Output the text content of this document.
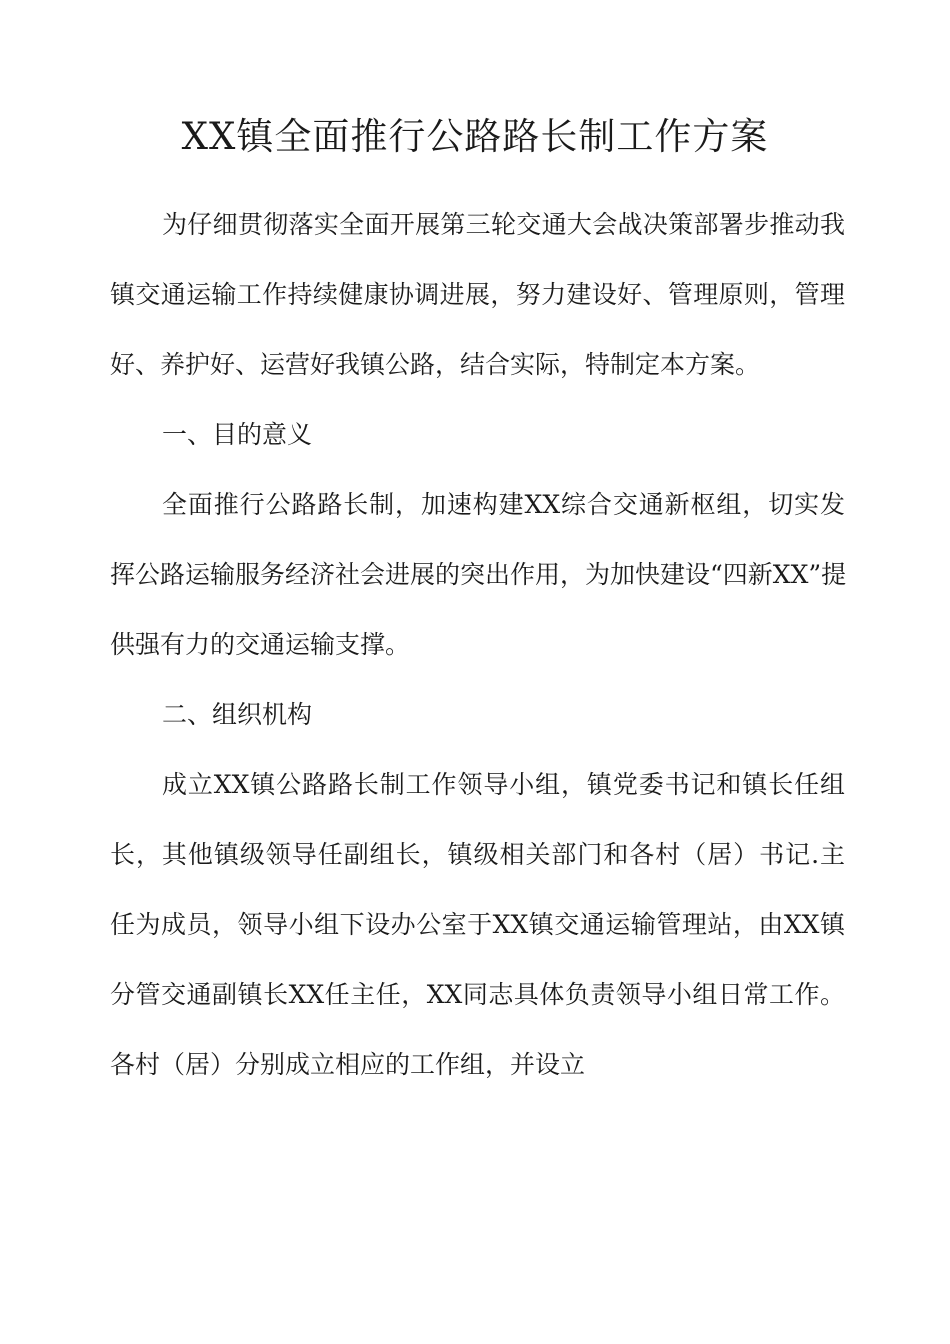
XX镇全面推行公路路长制工作方案
为仔细贯彻落实全面开展第三轮交通大会战决策部署步推动我
镇交通运输工作持续健康协调进展，努力建设好、管理原则，管理
好、养护好、运营好我镇公路，结合实际，特制定本方案。
一、目的意义
全面推行公路路长制，加速构建XX综合交通新枢组，切实发
挥公路运输服务经济社会进展的突出作用，为加快建设“四新XX”提
供强有力的交通运输支撑。
二、组织机构
成立XX镇公路路长制工作领导小组，镇党委书记和镇长任组
长，其他镇级领导任副组长，镇级相关部门和各村（居）书记.主
任为成员，领导小组下设办公室于XX镇交通运输管理站，由XX镇
分管交通副镇长XX任主任，XX同志具体负责领导小组日常工作。
各村（居）分别成立相应的工作组，并设立
